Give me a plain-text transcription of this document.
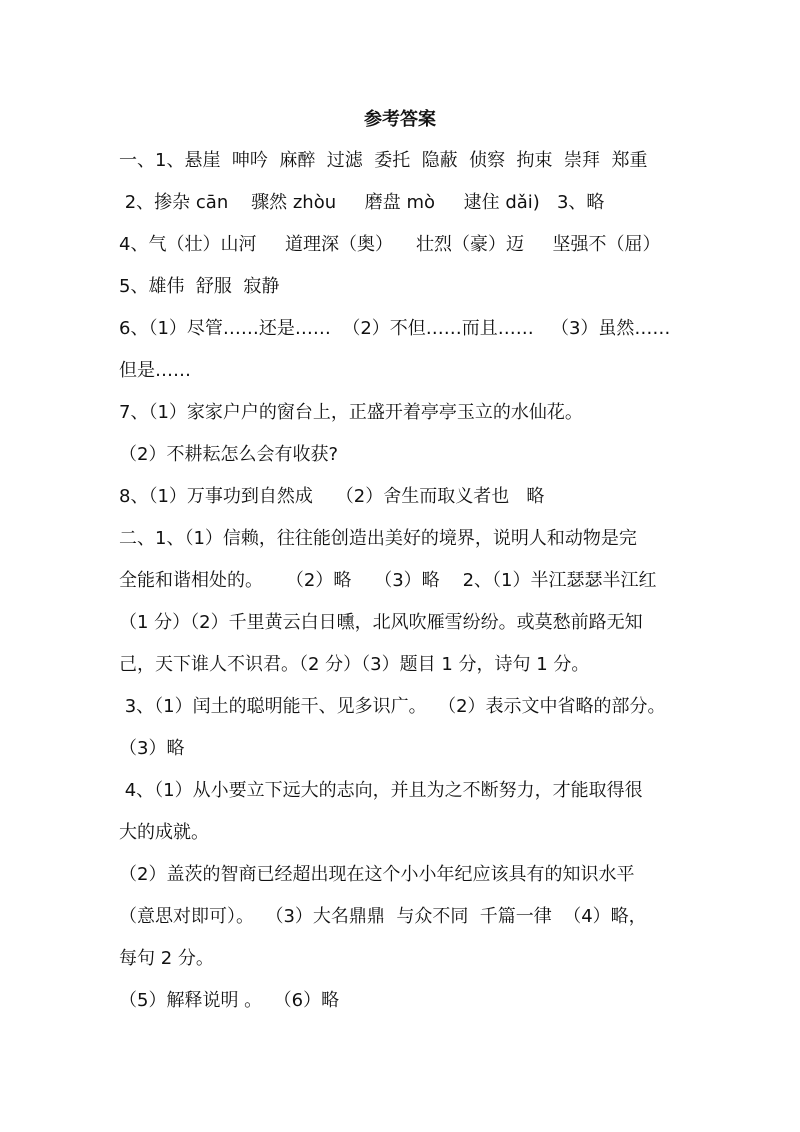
参考答案
一、1、悬崖  呻吟  麻醉  过滤  委托  隐蔽  侦察  拘束  崇拜  郑重
2、掺杂 cān    骤然 zhòu     磨盘 mò     逮住 dǎi)   3、略
4、气（壮）山河     道理深（奥）    壮烈（豪）迈     坚强不（屈）
5、雄伟  舒服  寂静
6、（1）尽管……还是……  （2）不但……而且……   （3）虽然……
但是……
7、（1）家家户户的窗台上，正盛开着亭亭玉立的水仙花。
（2）不耕耘怎么会有收获?
8、（1）万事功到自然成    （2）舍生而取义者也   略
二、1、（1）信赖，往往能创造出美好的境界，说明人和动物是完
全能和谐相处的。    （2）略    （3）略    2、（1）半江瑟瑟半江红
（1 分）（2）千里黄云白日曛，北风吹雁雪纷纷。或莫愁前路无知
己，天下谁人不识君。（2 分）（3）题目 1 分，诗句 1 分。
3、（1）闰土的聪明能干、见多识广。  （2）表示文中省略的部分。
（3）略
4、（1）从小要立下远大的志向，并且为之不断努力，才能取得很
大的成就。
（2）盖茨的智商已经超出现在这个小小年纪应该具有的知识水平
（意思对即可）。  （3）大名鼎鼎  与众不同  千篇一律  （4）略，
每句 2 分。
（5）解释说明 。  （6）略
